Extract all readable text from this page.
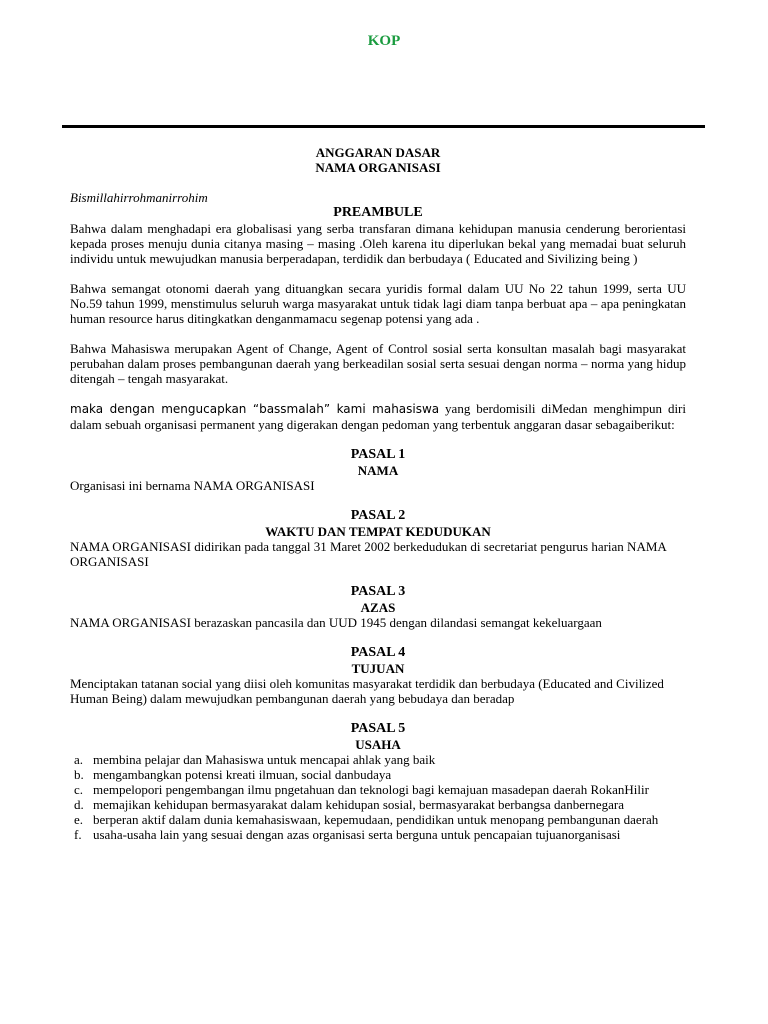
KOP
ANGGARAN DASAR
NAMA ORGANISASI
Bismillahirrohmanirrohim
PREAMBULE
Bahwa dalam menghadapi era globalisasi yang serba transfaran dimana kehidupan manusia cenderung berorientasi kepada proses menuju dunia citanya masing – masing .Oleh karena itu diperlukan bekal yang memadai buat seluruh individu untuk mewujudkan manusia berperadapan, terdidik dan berbudaya ( Educated and Sivilizing being )
Bahwa semangat otonomi daerah yang dituangkan secara yuridis formal dalam UU No 22 tahun 1999, serta UU No.59 tahun 1999, menstimulus seluruh warga masyarakat untuk tidak lagi diam tanpa berbuat apa – apa peningkatan human resource harus ditingkatkan denganmamacu segenap potensi yang ada .
Bahwa Mahasiswa merupakan Agent of Change, Agent of Control sosial serta konsultan masalah bagi masyarakat perubahan dalam proses pembangunan daerah yang berkeadilan sosial serta sesuai dengan norma – norma yang hidup ditengah – tengah masyarakat.
maka dengan mengucapkan “bassmalah” kami mahasiswa yang berdomisili diMedan menghimpun diri dalam sebuah organisasi permanent yang digerakan dengan pedoman yang terbentuk anggaran dasar sebagaiberikut:
PASAL 1
NAMA
Organisasi ini bernama NAMA ORGANISASI
PASAL 2
WAKTU DAN TEMPAT KEDUDUKAN
NAMA ORGANISASI didirikan pada tanggal 31 Maret 2002 berkedudukan di secretariat pengurus harian NAMA ORGANISASI
PASAL 3
AZAS
NAMA ORGANISASI berazaskan pancasila dan UUD 1945 dengan dilandasi semangat kekeluargaan
PASAL 4
TUJUAN
Menciptakan tatanan social yang diisi oleh komunitas masyarakat terdidik dan berbudaya (Educated and Civilized Human Being) dalam mewujudkan pembangunan daerah yang bebudaya dan beradap
PASAL 5
USAHA
a. membina pelajar dan Mahasiswa untuk mencapai ahlak yang baik
b. mengambangkan potensi kreati ilmuan, social danbudaya
c. mempelopori pengembangan ilmu pngetahuan dan teknologi bagi kemajuan masadepan daerah RokanHilir
d. memajikan kehidupan bermasyarakat dalam kehidupan sosial, bermasyarakat berbangsa danbernegara
e. berperan aktif dalam dunia kemahasiswaan, kepemudaan, pendidikan untuk menopang pembangunan daerah
f. usaha-usaha lain yang sesuai dengan azas organisasi serta berguna untuk pencapaian tujuanorganisasi
